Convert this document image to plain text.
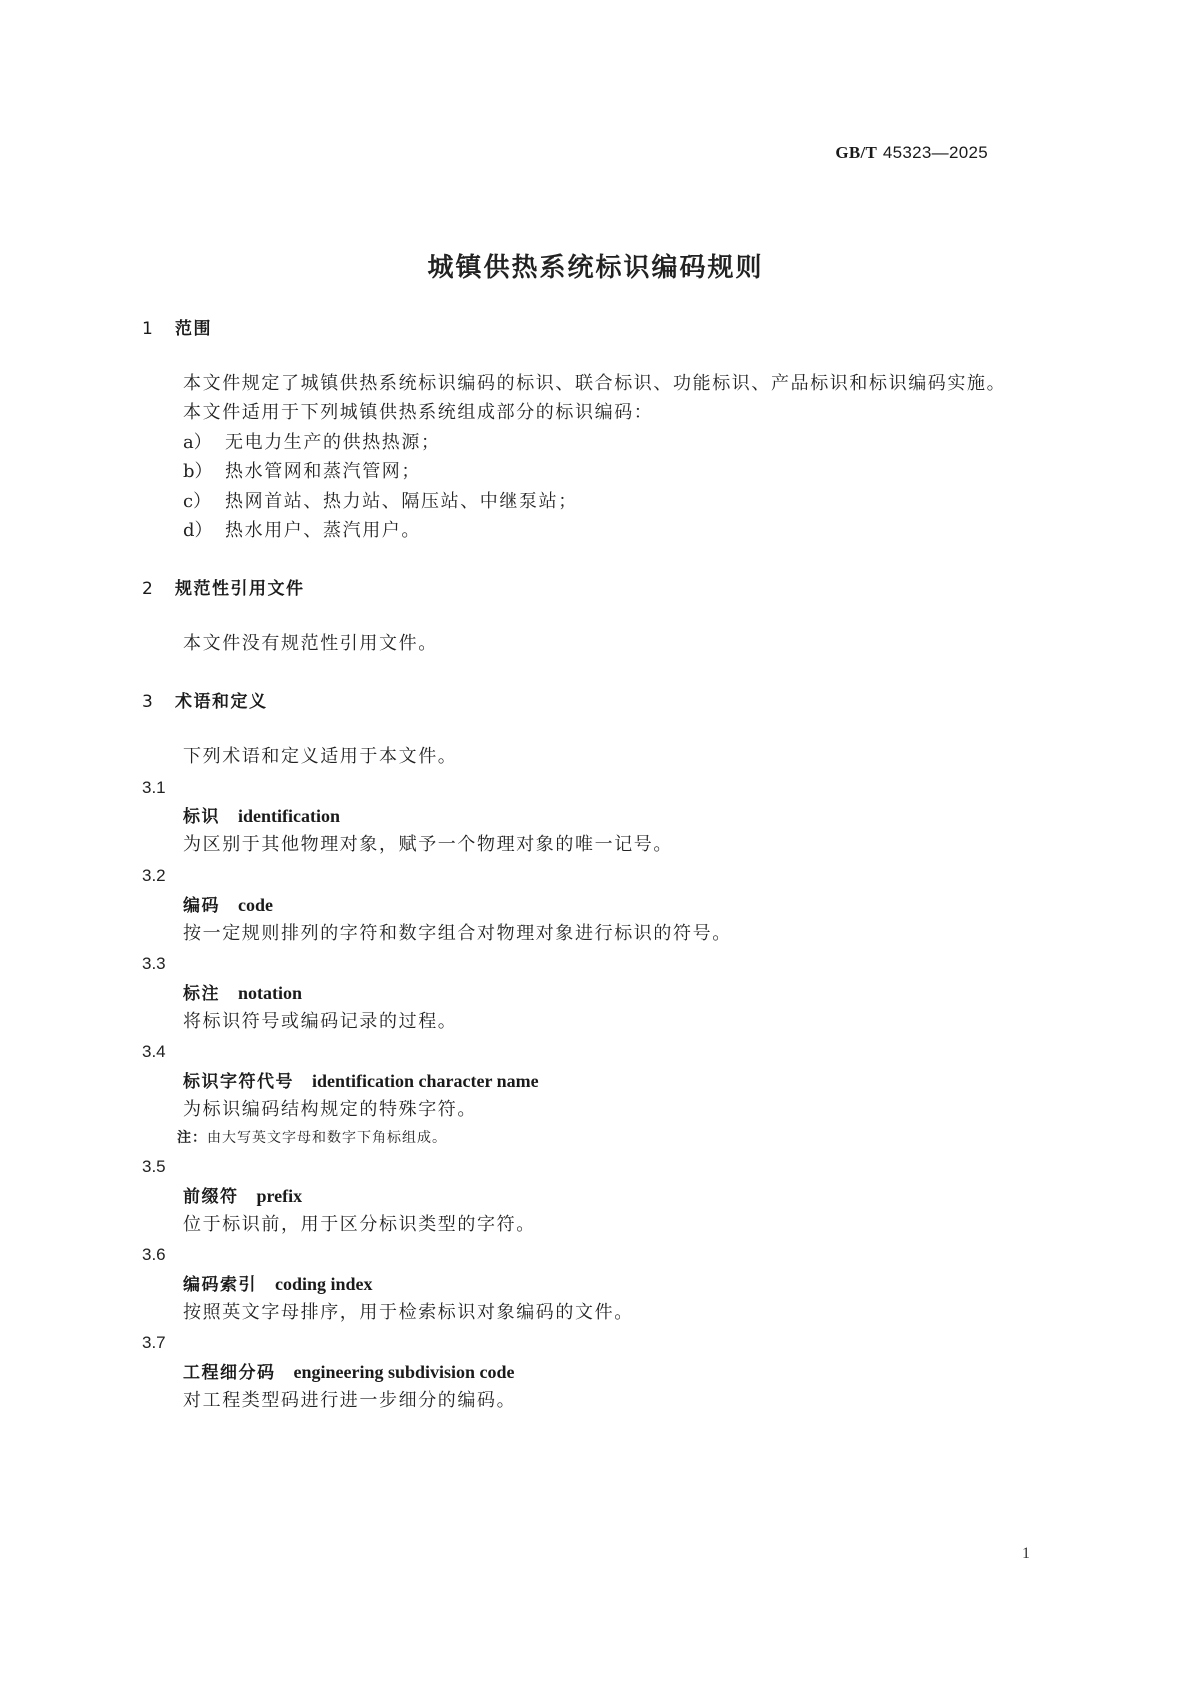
GB/T 45323—2025
城镇供热系统标识编码规则
1 范围
本文件规定了城镇供热系统标识编码的标识、联合标识、功能标识、产品标识和标识编码实施。
本文件适用于下列城镇供热系统组成部分的标识编码：
a） 无电力生产的供热热源；
b） 热水管网和蒸汽管网；
c） 热网首站、热力站、隔压站、中继泵站；
d） 热水用户、蒸汽用户。
2 规范性引用文件
本文件没有规范性引用文件。
3 术语和定义
下列术语和定义适用于本文件。
3.1
标识 identification
为区别于其他物理对象，赋予一个物理对象的唯一记号。
3.2
编码 code
按一定规则排列的字符和数字组合对物理对象进行标识的符号。
3.3
标注 notation
将标识符号或编码记录的过程。
3.4
标识字符代号 identification character name
为标识编码结构规定的特殊字符。
注：由大写英文字母和数字下角标组成。
3.5
前缀符 prefix
位于标识前，用于区分标识类型的字符。
3.6
编码索引 coding index
按照英文字母排序，用于检索标识对象编码的文件。
3.7
工程细分码 engineering subdivision code
对工程类型码进行进一步细分的编码。
1
